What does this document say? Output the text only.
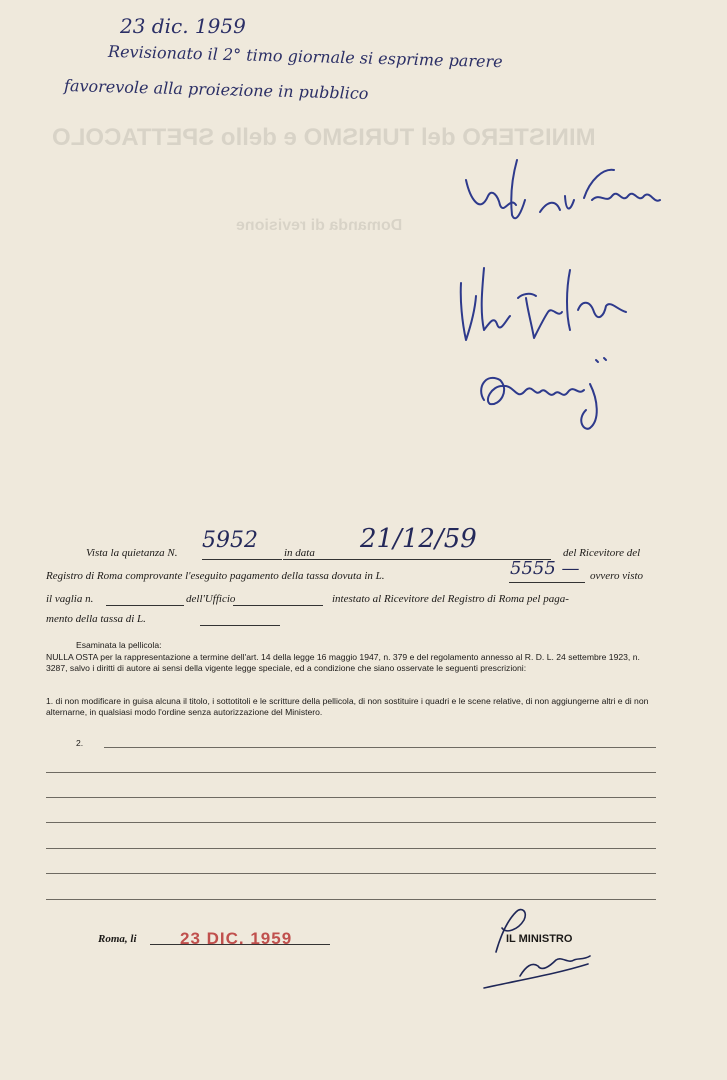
MINISTERO del TURISMO e dello SPETTACOLO
Domanda di revisione
23 dic. 1959
Revisionato il 2° timo giornale si esprime parere
favorevole alla proiezione in pubblico
Vista la quietanza N.	in data	del Ricevitore del
5952	21/12/59
Registro di Roma comprovante l'eseguito pagamento della tassa dovuta in L.	ovvero visto
5555 —
il vaglia n.	dell'Ufficio	intestato al Ricevitore del Registro di Roma pel paga-
mento della tassa di L.
Esaminata la pellicola:
NULLA OSTA per la rappresentazione a termine dell'art. 14 della legge 16 maggio 1947, n. 379 e del regolamento annesso al R. D. L. 24 settembre 1923, n. 3287, salvo i diritti di autore ai sensi della vigente legge speciale, ed a condizione che siano osservate le seguenti prescrizioni:
1. di non modificare in guisa alcuna il titolo, i sottotitoli e le scritture della pellicola, di non sostituire i quadri e le scene relative, di non aggiungerne altri e di non alternarne, in qualsiasi modo l'ordine senza autorizzazione del Ministero.
2.
Roma, li	23 DIC. 1959	IL MINISTRO
